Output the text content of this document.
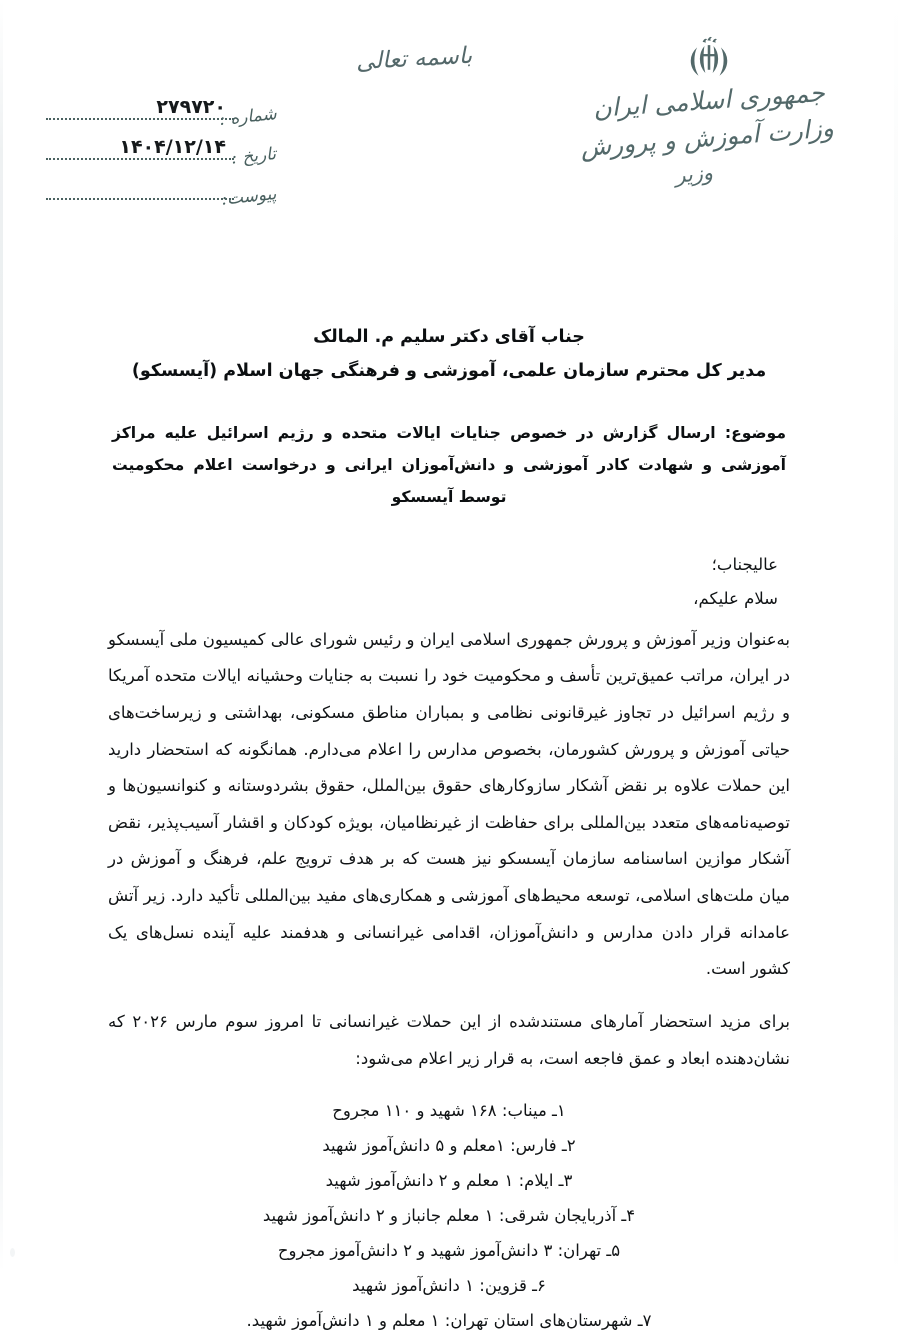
باسمه تعالی
جمهوری اسلامی ایران
وزارت آموزش و پرورش
وزیر
شماره :
۲۷۹۷۲۰
تاریخ :
۱۴۰۴/۱۲/۱۴
پیوست:
جناب آقای دکتر سلیم م. المالک
مدیر کل محترم سازمان علمی، آموزشی و فرهنگی جهان اسلام (آیسسکو)
موضوع: ارسال گزارش در خصوص جنایات ایالات متحده و رژیم اسرائیل علیه مراکز آموزشی و شهادت کادر آموزشی و دانش‌آموزان ایرانی و درخواست اعلام محکومیت توسط آیسسکو
عالیجناب؛
سلام علیکم،

به‌عنوان وزیر آموزش و پرورش جمهوری اسلامی ایران و رئیس شورای عالی کمیسیون ملی آیسسکو در ایران، مراتب عمیق‌ترین تأسف و محکومیت خود را نسبت به جنایات وحشیانه ایالات متحده آمریکا و رژیم اسرائیل در تجاوز غیرقانونی نظامی و بمباران مناطق مسکونی، بهداشتی و زیرساخت‌های حیاتی آموزش و پرورش کشورمان، بخصوص مدارس را اعلام می‌دارم. همانگونه که استحضار دارید این حملات علاوه بر نقض آشکار سازوکارهای حقوق بین‌الملل، حقوق بشردوستانه و کنوانسیون‌ها و توصیه‌نامه‌های متعدد بین‌المللی برای حفاظت از غیرنظامیان، بویژه کودکان و اقشار آسیب‌پذیر، نقض آشکار موازین اساسنامه سازمان آیسسکو نیز هست که بر هدف ترویج علم، فرهنگ و آموزش در میان ملت‌های اسلامی، توسعه محیط‌های آموزشی و همکاری‌های مفید بین‌المللی تأکید دارد. زیر آتش عامدانه قرار دادن مدارس و دانش‌آموزان، اقدامی غیرانسانی و هدفمند علیه آینده نسل‌های یک کشور است.

برای مزید استحضار آمارهای مستندشده از این حملات غیرانسانی تا امروز سوم مارس ۲۰۲۶ که نشان‌دهنده ابعاد و عمق فاجعه است، به قرار زیر اعلام می‌شود:

۱ـ میناب: ۱۶۸ شهید و ۱۱۰ مجروح
۲ـ فارس: ۱معلم و ۵ دانش‌آموز شهید
۳ـ ایلام: ۱ معلم و ۲ دانش‌آموز شهید
۴ـ آذربایجان شرقی: ۱ معلم جانباز و ۲ دانش‌آموز شهید
۵ـ تهران: ۳ دانش‌آموز شهید و ۲ دانش‌آموز مجروح
۶ـ قزوین: ۱ دانش‌آموز شهید
۷ـ شهرستان‌های استان تهران: ۱ معلم و ۱ دانش‌آموز شهید.
